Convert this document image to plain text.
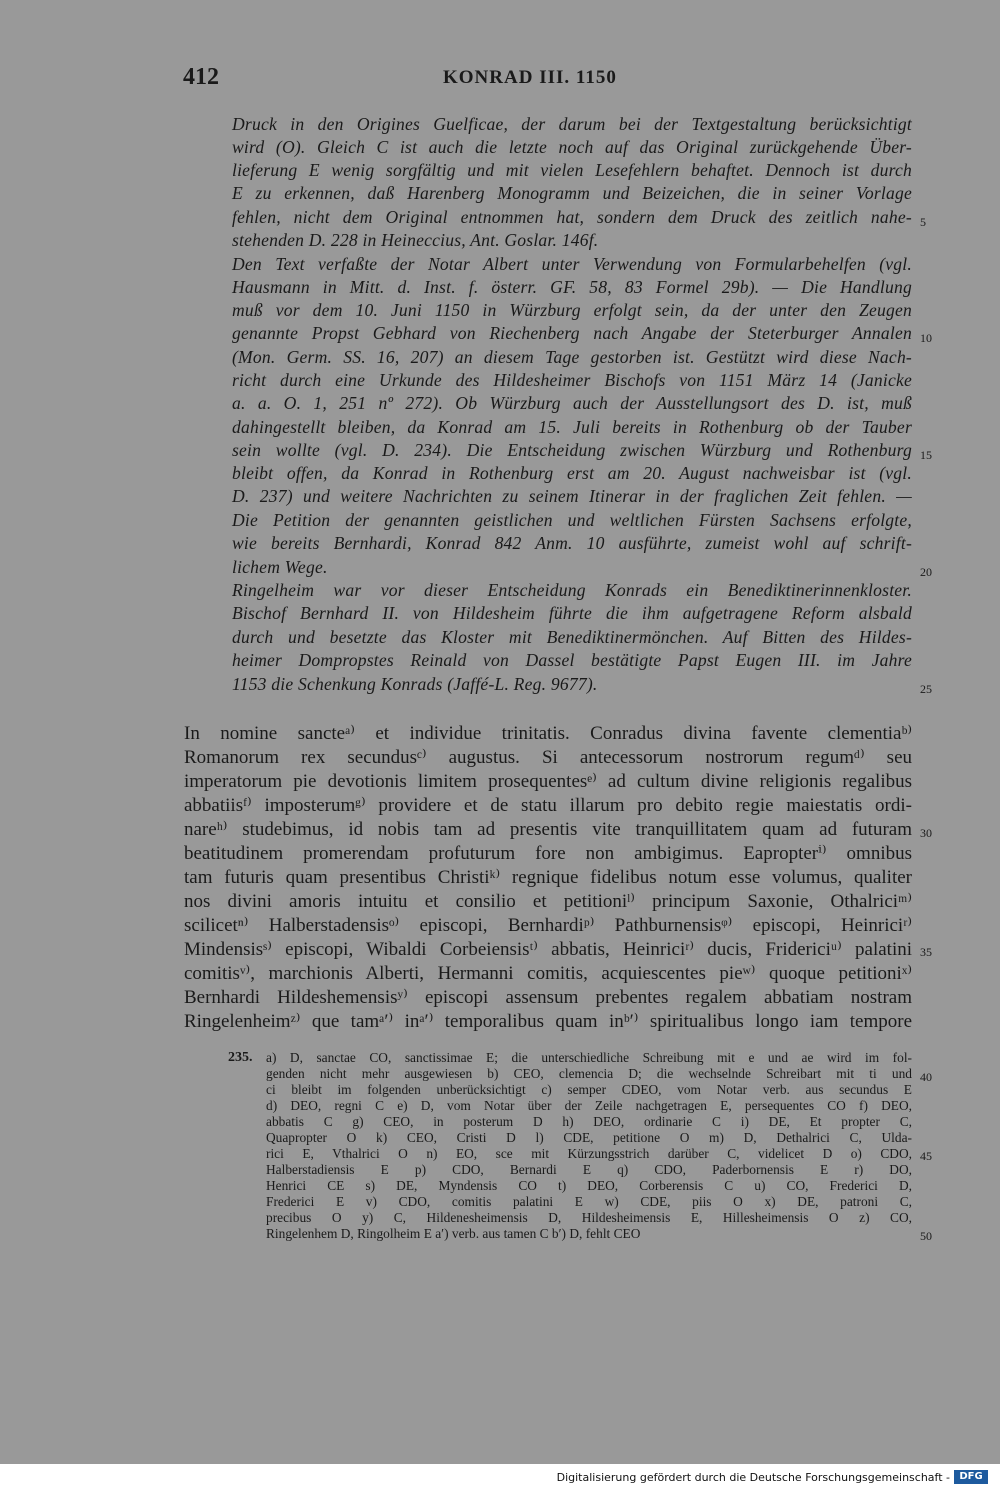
412	KONRAD III. 1150
Druck in den Origines Guelficae, der darum bei der Textgestaltung berücksichtigt
wird (O). Gleich C ist auch die letzte noch auf das Original zurückgehende Über-
lieferung E wenig sorgfältig und mit vielen Lesefehlern behaftet. Dennoch ist durch
E zu erkennen, daß Harenberg Monogramm und Beizeichen, die in seiner Vorlage
fehlen, nicht dem Original entnommen hat, sondern dem Druck des zeitlich nahe-
stehenden D. 228 in Heineccius, Ant. Goslar. 146f.
Den Text verfaßte der Notar Albert unter Verwendung von Formularbehelfen (vgl.
Hausmann in Mitt. d. Inst. f. österr. GF. 58, 83 Formel 29b). — Die Handlung
muß vor dem 10. Juni 1150 in Würzburg erfolgt sein, da der unter den Zeugen
genannte Propst Gebhard von Riechenberg nach Angabe der Steterburger Annalen
(Mon. Germ. SS. 16, 207) an diesem Tage gestorben ist. Gestützt wird diese Nach-
richt durch eine Urkunde des Hildesheimer Bischofs von 1151 März 14 (Janicke
a. a. O. 1, 251 nº 272). Ob Würzburg auch der Ausstellungsort des D. ist, muß
dahingestellt bleiben, da Konrad am 15. Juli bereits in Rothenburg ob der Tauber
sein wollte (vgl. D. 234). Die Entscheidung zwischen Würzburg und Rothenburg
bleibt offen, da Konrad in Rothenburg erst am 20. August nachweisbar ist (vgl.
D. 237) und weitere Nachrichten zu seinem Itinerar in der fraglichen Zeit fehlen. —
Die Petition der genannten geistlichen und weltlichen Fürsten Sachsens erfolgte,
wie bereits Bernhardi, Konrad 842 Anm. 10 ausführte, zumeist wohl auf schrift-
lichem Wege.
Ringelheim war vor dieser Entscheidung Konrads ein Benediktinerinnenkloster.
Bischof Bernhard II. von Hildesheim führte die ihm aufgetragene Reform alsbald
durch und besetzte das Kloster mit Benediktinermönchen. Auf Bitten des Hildes-
heimer Dompropstes Reinald von Dassel bestätigte Papst Eugen III. im Jahre
1153 die Schenkung Konrads (Jaffé-L. Reg. 9677).
In nomine sancteᵃ⁾ et individue trinitatis. Conradus divina favente clementiaᵇ⁾
Romanorum rex secundusᶜ⁾ augustus. Si antecessorum nostrorum regumᵈ⁾ seu
imperatorum pie devotionis limitem prosequentesᵉ⁾ ad cultum divine religionis regalibus
abbatiisᶠ⁾ imposterumᵍ⁾ providere et de statu illarum pro debito regie maiestatis ordi-
nareʰ⁾ studebimus, id nobis tam ad presentis vite tranquillitatem quam ad futuram
beatitudinem promerendam profuturum fore non ambigimus. Eapropterⁱ⁾ omnibus
tam futuris quam presentibus Christiᵏ⁾ regnique fidelibus notum esse volumus, qualiter
nos divini amoris intuitu et consilio et petitioniˡ⁾ principum Saxonie, Othalriciᵐ⁾
scilicetⁿ⁾ Halberstadensisᵒ⁾ episcopi, Bernhardiᵖ⁾ Pathburnensisᵠ⁾ episcopi, Heinriciʳ⁾
Mindensisˢ⁾ episcopi, Wibaldi Corbeiensisᵗ⁾ abbatis, Heinriciʳ⁾ ducis, Fridericiᵘ⁾ palatini
comitisᵛ⁾, marchionis Alberti, Hermanni comitis, acquiescentes pieʷ⁾ quoque petitioniˣ⁾
Bernhardi Hildeshemensisʸ⁾ episcopi assensum prebentes regalem abbatiam nostram
Ringelenheimᶻ⁾ que tamᵃ′⁾ inᵃ′⁾ temporalibus quam inᵇ′⁾ spiritualibus longo iam tempore
235. a) D, sanctae CO, sanctissimae E; die unterschiedliche Schreibung mit e und ae wird im fol-
genden nicht mehr ausgewiesen b) CEO, clemencia D; die wechselnde Schreibart mit ti und
ci bleibt im folgenden unberücksichtigt c) semper CDEO, vom Notar verb. aus secundus E
d) DEO, regni C e) D, vom Notar über der Zeile nachgetragen E, persequentes CO f) DEO,
abbatis C g) CEO, in posterum D h) DEO, ordinarie C i) DE, Et propter C,
Quapropter O k) CEO, Cristi D l) CDE, petitione O m) D, Dethalrici C, Ulda-
rici E, Vthalrici O n) EO, sce mit Kürzungsstrich darüber C, videlicet D o) CDO,
Halberstadiensis E p) CDO, Bernardi E q) CDO, Paderbornensis E r) DO,
Henrici CE s) DE, Myndensis CO t) DEO, Corberensis C u) CO, Frederici D,
Frederici E v) CDO, comitis palatini E w) CDE, piis O x) DE, patroni C,
precibus O y) C, Hildenesheimensis D, Hildesheimensis E, Hillesheimensis O z) CO,
Ringelenhem D, Ringolheim E a′) verb. aus tamen C b′) D, fehlt CEO
5
10
15
20
25
30
35
40
45
50
Digitalisierung gefördert durch die Deutsche Forschungsgemeinschaft - DFG
